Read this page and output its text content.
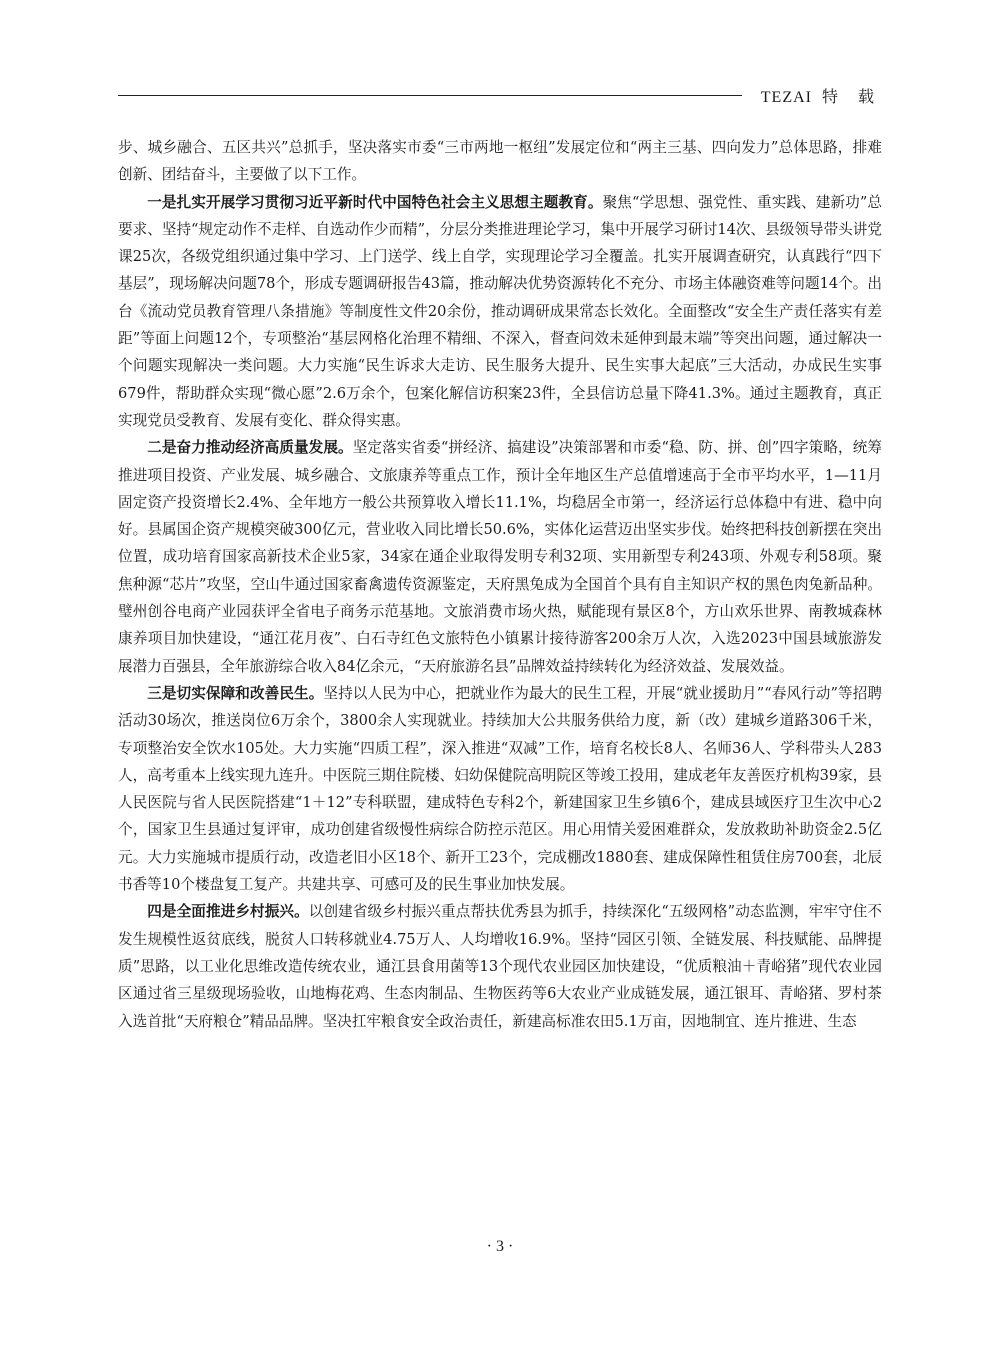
TEZAI 特 载

步、城乡融合、五区共兴”总抓手，坚决落实市委“三市两地一枢纽”发展定位和“两主三基、四向发力”总体思路，排难创新、团结奋斗，主要做了以下工作。

一是扎实开展学习贯彻习近平新时代中国特色社会主义思想主题教育。聚焦“学思想、强党性、重实践、建新功”总要求、坚持“规定动作不走样、自选动作少而精”，分层分类推进理论学习，集中开展学习研讨14次、县级领导带头讲党课25次，各级党组织通过集中学习、上门送学、线上自学，实现理论学习全覆盖。扎实开展调查研究，认真践行“四下基层”，现场解决问题78个，形成专题调研报告43篇，推动解决优势资源转化不充分、市场主体融资难等问题14个。出台《流动党员教育管理八条措施》等制度性文件20余份，推动调研成果常态长效化。全面整改“安全生产责任落实有差距”等面上问题12个，专项整治“基层网格化治理不精细、不深入，督查问效未延伸到最末端”等突出问题，通过解决一个问题实现解决一类问题。大力实施“民生诉求大走访、民生服务大提升、民生实事大起底”三大活动，办成民生实事679件，帮助群众实现“微心愿”2.6万余个，包案化解信访积案23件，全县信访总量下降41.3%。通过主题教育，真正实现党员受教育、发展有变化、群众得实惠。

二是奋力推动经济高质量发展。坚定落实省委“拼经济、搞建设”决策部署和市委“稳、防、拼、创”四字策略，统筹推进项目投资、产业发展、城乡融合、文旅康养等重点工作，预计全年地区生产总值增速高于全市平均水平，1—11月固定资产投资增长2.4%、全年地方一般公共预算收入增长11.1%，均稳居全市第一，经济运行总体稳中有进、稳中向好。县属国企资产规模突破300亿元，营业收入同比增长50.6%，实体化运营迈出坚实步伐。始终把科技创新摆在突出位置，成功培育国家高新技术企业5家，34家在通企业取得发明专利32项、实用新型专利243项、外观专利58项。聚焦种源“芯片”攻坚，空山牛通过国家畜禽遗传资源鉴定，天府黑兔成为全国首个具有自主知识产权的黑色肉兔新品种。璧州创谷电商产业园获评全省电子商务示范基地。文旅消费市场火热，赋能现有景区8个，方山欢乐世界、南教城森林康养项目加快建设，“通江花月夜”、白石寺红色文旅特色小镇累计接待游客200余万人次，入选2023中国县域旅游发展潜力百强县，全年旅游综合收入84亿余元，“天府旅游名县”品牌效益持续转化为经济效益、发展效益。

三是切实保障和改善民生。坚持以人民为中心，把就业作为最大的民生工程，开展“就业援助月”“春风行动”等招聘活动30场次，推送岗位6万余个，3800余人实现就业。持续加大公共服务供给力度，新（改）建城乡道路306千米，专项整治安全饮水105处。大力实施“四质工程”，深入推进“双减”工作，培育名校长8人、名师36人、学科带头人283人，高考重本上线实现九连升。中医院三期住院楼、妇幼保健院高明院区等竣工投用，建成老年友善医疗机构39家，县人民医院与省人民医院搭建“1＋12”专科联盟，建成特色专科2个，新建国家卫生乡镇6个，建成县域医疗卫生次中心2个，国家卫生县通过复评审，成功创建省级慢性病综合防控示范区。用心用情关爱困难群众，发放救助补助资金2.5亿元。大力实施城市提质行动，改造老旧小区18个、新开工23个，完成棚改1880套、建成保障性租赁住房700套，北辰书香等10个楼盘复工复产。共建共享、可感可及的民生事业加快发展。

四是全面推进乡村振兴。以创建省级乡村振兴重点帮扶优秀县为抓手，持续深化“五级网格”动态监测，牢牢守住不发生规模性返贫底线，脱贫人口转移就业4.75万人、人均增收16.9%。坚持“园区引领、全链发展、科技赋能、品牌提质”思路，以工业化思维改造传统农业，通江县食用菌等13个现代农业园区加快建设，“优质粮油＋青峪猪”现代农业园区通过省三星级现场验收，山地梅花鸡、生态肉制品、生物医药等6大农业产业成链发展，通江银耳、青峪猪、罗村茶入选首批“天府粮仓”精品品牌。坚决扛牢粮食安全政治责任，新建高标准农田5.1万亩，因地制宜、连片推进、生态

· 3 ·
